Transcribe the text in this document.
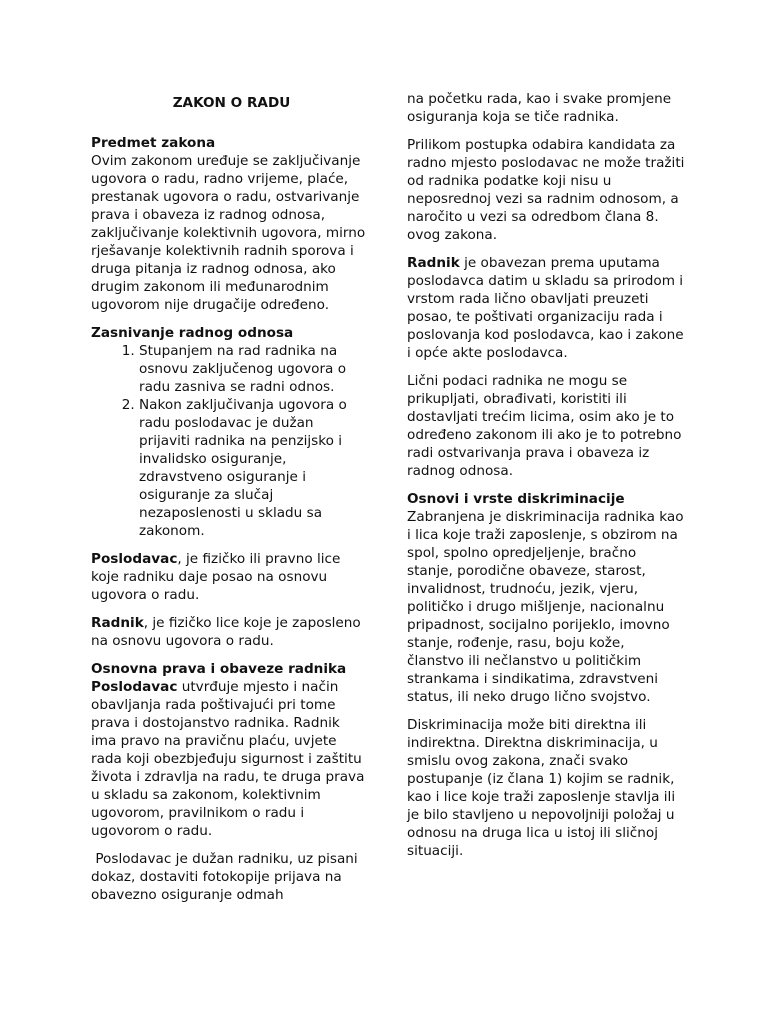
ZAKON O RADU
Predmet zakona
Ovim zakonom uređuje se zaključivanje ugovora o radu, radno vrijeme, plaće, prestanak ugovora o radu, ostvarivanje prava i obaveza iz radnog odnosa, zaključivanje kolektivnih ugovora, mirno rješavanje kolektivnih radnih sporova i druga pitanja iz radnog odnosa, ako drugim zakonom ili međunarodnim ugovorom nije drugačije određeno.
Zasnivanje radnog odnosa
1. Stupanjem na rad radnika na osnovu zaključenog ugovora o radu zasniva se radni odnos.
2. Nakon zaključivanja ugovora o radu poslodavac je dužan prijaviti radnika na penzijsko i invalidsko osiguranje, zdravstveno osiguranje i osiguranje za slučaj nezaposlenosti u skladu sa zakonom.

Poslodavac, je fizičko ili pravno lice koje radniku daje posao na osnovu ugovora o radu.

Radnik, je fizičko lice koje je zaposleno na osnovu ugovora o radu.

Osnovna prava i obaveze radnika
Poslodavac utvrđuje mjesto i način obavljanja rada poštivajući pri tome prava i dostojanstvo radnika. Radnik ima pravo na pravičnu plaću, uvjete rada koji obezbjeđuju sigurnost i zaštitu života i zdravlja na radu, te druga prava u skladu sa zakonom, kolektivnim ugovorom, pravilnikom o radu i ugovorom o radu.

Poslodavac je dužan radniku, uz pisani dokaz, dostaviti fotokopije prijava na obavezno osiguranje odmah

na početku rada, kao i svake promjene osiguranja koja se tiče radnika.

Prilikom postupka odabira kandidata za radno mjesto poslodavac ne može tražiti od radnika podatke koji nisu u neposrednoj vezi sa radnim odnosom, a naročito u vezi sa odredbom člana 8. ovog zakona.

Radnik je obavezan prema uputama poslodavca datim u skladu sa prirodom i vrstom rada lično obavljati preuzeti posao, te poštivati organizaciju rada i poslovanja kod poslodavca, kao i zakone i opće akte poslodavca.

Lični podaci radnika ne mogu se prikupljati, obrađivati, koristiti ili dostavljati trećim licima, osim ako je to određeno zakonom ili ako je to potrebno radi ostvarivanja prava i obaveza iz radnog odnosa.

Osnovi i vrste diskriminacije
Zabranjena je diskriminacija radnika kao i lica koje traži zaposlenje, s obzirom na spol, spolno opredjeljenje, bračno stanje, porodične obaveze, starost, invalidnost, trudnoću, jezik, vjeru, političko i drugo mišljenje, nacionalnu pripadnost, socijalno porijeklo, imovno stanje, rođenje, rasu, boju kože, članstvo ili nečlanstvo u političkim strankama i sindikatima, zdravstveni status, ili neko drugo lično svojstvo.

Diskriminacija može biti direktna ili indirektna. Direktna diskriminacija, u smislu ovog zakona, znači svako postupanje (iz člana 1) kojim se radnik, kao i lice koje traži zaposlenje stavlja ili je bilo stavljeno u nepovoljniji položaj u odnosu na druga lica u istoj ili sličnoj situaciji.
